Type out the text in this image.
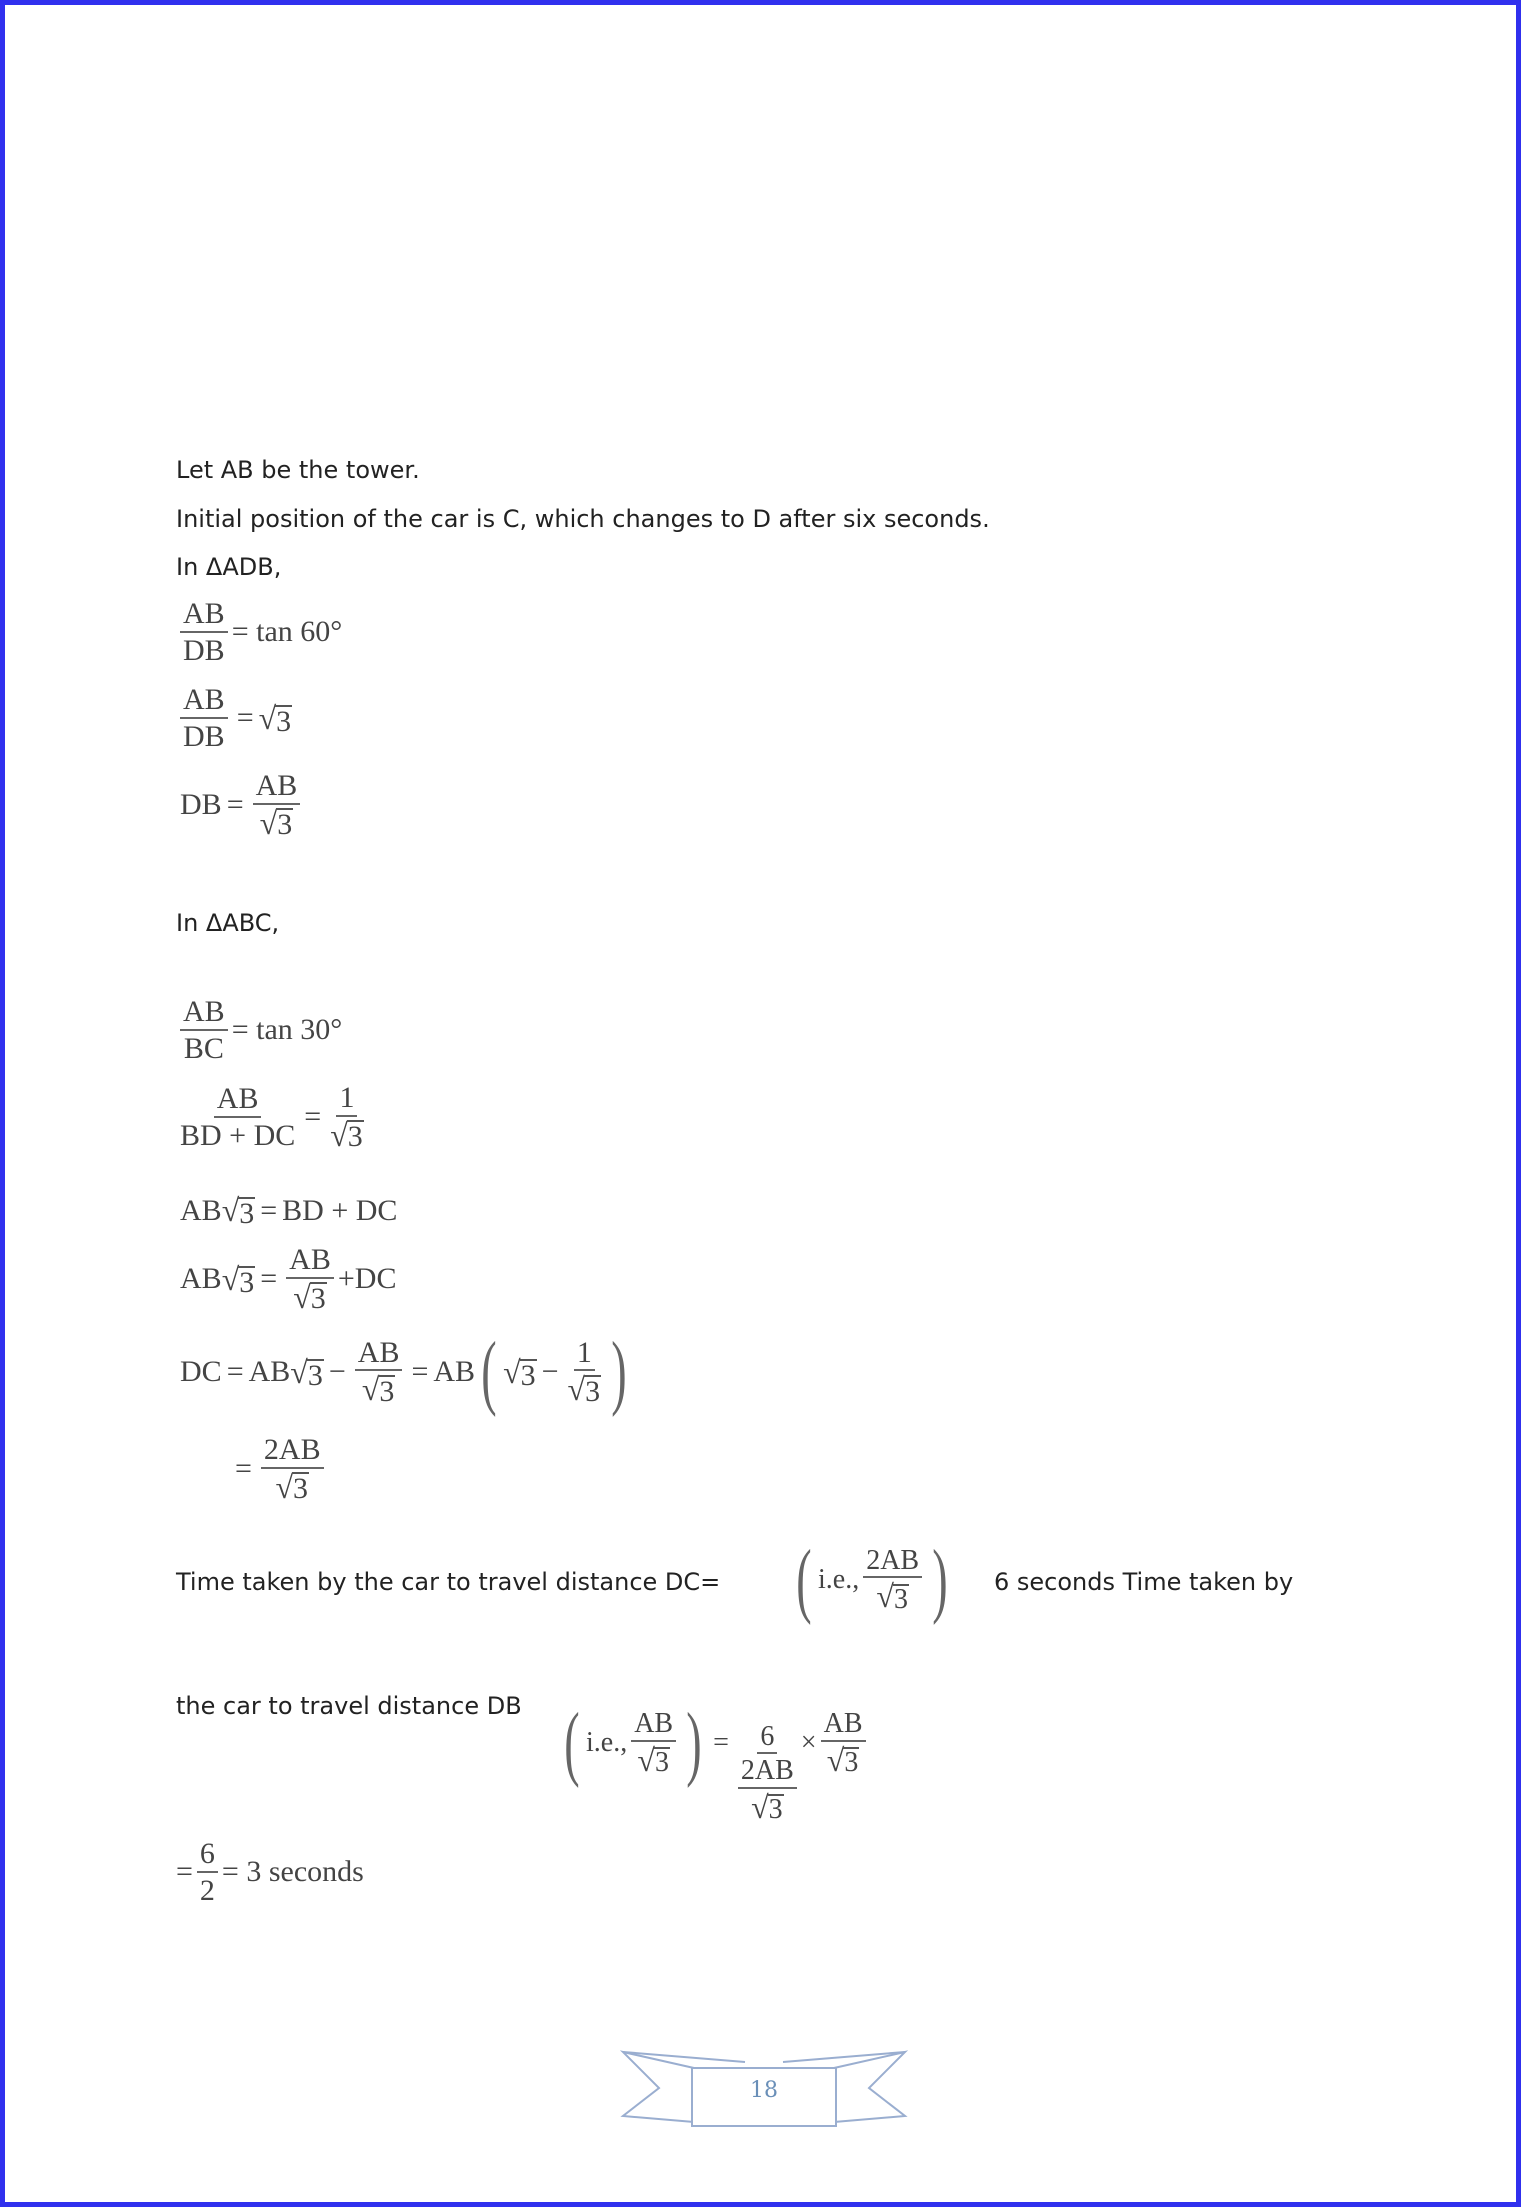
Let AB be the tower.
Initial position of the car is C, which changes to D after six seconds.
In ΔADB,
$\frac{AB}{DB} = \tan 60^\circ$
$\frac{AB}{DB}$ = √ 3
DB = $\frac{AB}{√ 3}$
In ΔABC,
$\frac{AB}{BC} = \tan 30^\circ$
$\frac{AB}{BD + DC} = \frac{1}{√ 3}$
AB √ 3 = BD + DC
AB √ $3 = \frac{AB}{√ 3}$ + DC
DC = AB √ $3 - \frac{AB}{√ 3}$ = AB ( √ $3 - \frac{1}{√ 3}$ )
= $\frac{2AB}{√ 3}$
Time taken by the car to travel distance DC= ( i.e., $\frac{2AB}{√ 3}$ ) 6 seconds Time taken by
the car to travel distance DB ( i.e., $\frac{AB}{√ 3}$ ) = $\frac{6}{\frac{2AB}{√ 3}} \times \frac{AB}{√ 3}$
= $\frac{6}{2} = 3$ seconds
18
